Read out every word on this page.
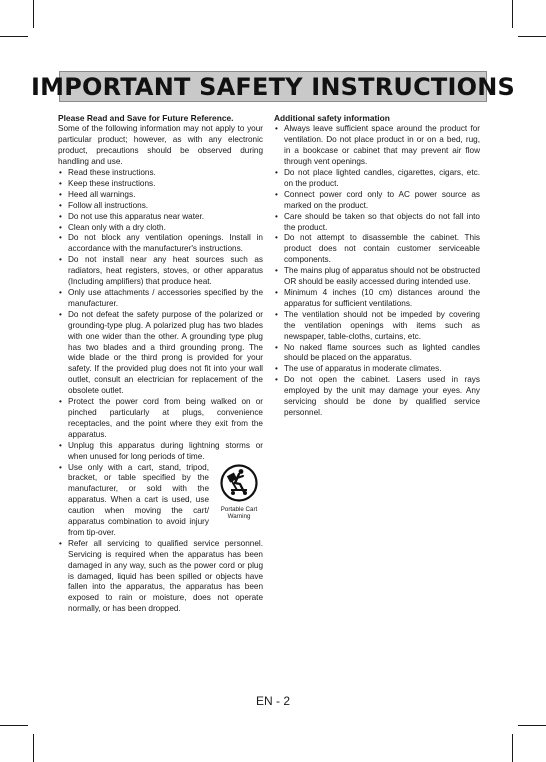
IMPORTANT SAFETY INSTRUCTIONS
Please Read and Save for Future Reference.
Some of the following information may not apply to your particular product; however, as with any electronic product, precautions should be observed during handling and use.
• Read these instructions.
• Keep these instructions.
• Heed all warnings.
• Follow all instructions.
• Do not use this apparatus near water.
• Clean only with a dry cloth.
• Do not block any ventilation openings. Install in accordance with the manufacturer's instructions.
• Do not install near any heat sources such as radiators, heat registers, stoves, or other apparatus (Including amplifiers) that produce heat.
• Only use attachments / accessories specified by the manufacturer.
• Do not defeat the safety purpose of the polarized or grounding-type plug. A polarized plug has two blades with one wider than the other. A grounding type plug has two blades and a third grounding prong. The wide blade or the third prong is provided for your safety. If the provided plug does not fit into your wall outlet, consult an electrician for replacement of the obsolete outlet.
• Protect the power cord from being walked on or pinched particularly at plugs, convenience receptacles, and the point where they exit from the apparatus.
• Unplug this apparatus during lightning storms or when unused for long periods of time.
• Portable Cart Warning
Use only with a cart, stand, tripod, bracket, or table specified by the manufacturer, or sold with the apparatus. When a cart is used, use caution when moving the cart/ apparatus combination to avoid injury from tip-over.
• Refer all servicing to qualified service personnel. Servicing is required when the apparatus has been damaged in any way, such as the power cord or plug is damaged, liquid has been spilled or objects have fallen into the apparatus, the apparatus has been exposed to rain or moisture, does not operate normally, or has been dropped.
Additional safety information
• Always leave sufficient space around the product for ventilation. Do not place product in or on a bed, rug, in a bookcase or cabinet that may prevent air flow through vent openings.
• Do not place lighted candles, cigarettes, cigars, etc. on the product.
• Connect power cord only to AC power source as marked on the product.
• Care should be taken so that objects do not fall into the product.
• Do not attempt to disassemble the cabinet. This product does not contain customer serviceable components.
• The mains plug of apparatus should not be obstructed OR should be easily accessed during intended use.
• Minimum 4 inches (10 cm) distances around the apparatus for sufficient ventilations.
• The ventilation should not be impeded by covering the ventilation openings with items such as newspaper, table-cloths, curtains, etc.
• No naked flame sources such as lighted candles should be placed on the apparatus.
• The use of apparatus in moderate climates.
• Do not open the cabinet. Lasers used in rays employed by the unit may damage your eyes. Any servicing should be done by qualified service personnel.
EN - 2
